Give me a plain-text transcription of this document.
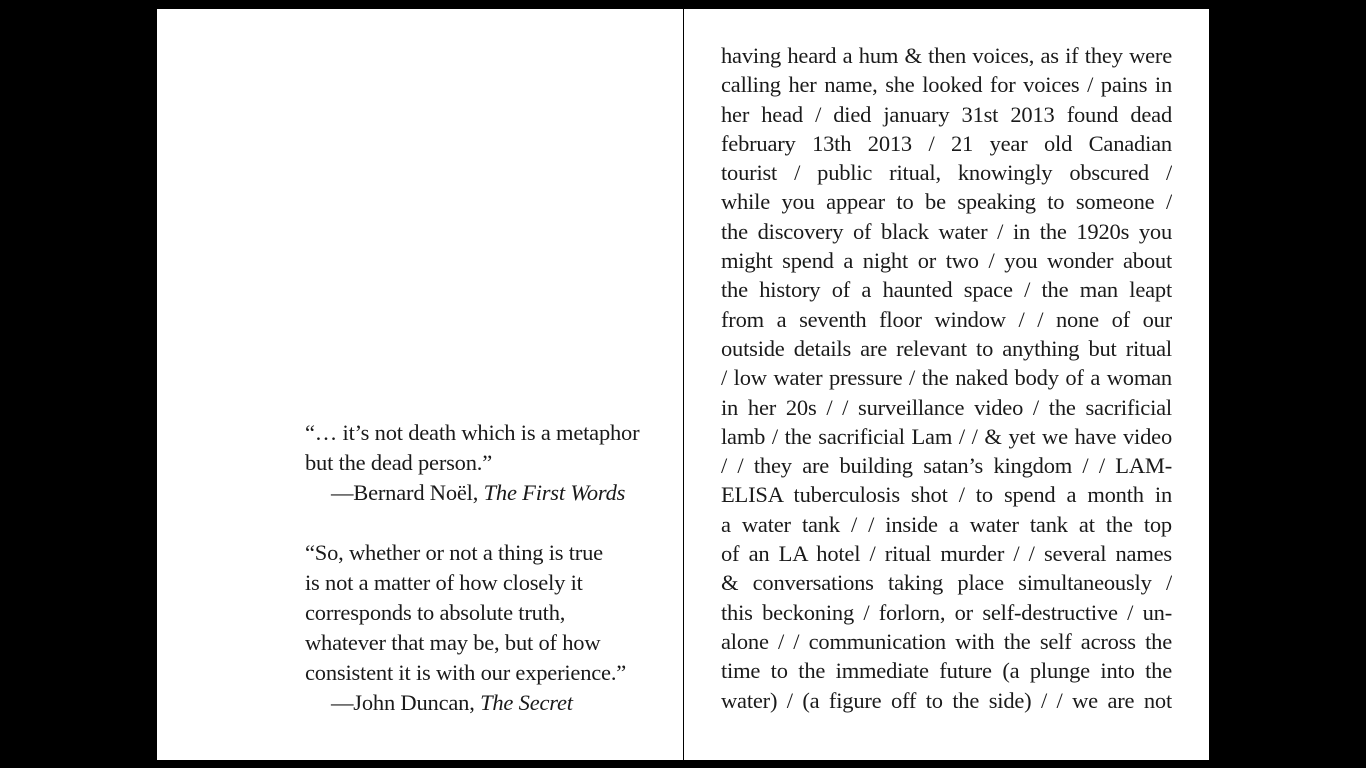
“… it’s not death which is a metaphor

but the dead person.”

—Bernard Noël, The First Words

“So, whether or not a thing is true

is not a matter of how closely it

corresponds to absolute truth,

whatever that may be, but of how

consistent it is with our experience.”

—John Duncan, The Secret

having heard a hum & then voices, as if they were
calling her name, she looked for voices / pains in
her head / died january 31st 2013 found dead
february 13th 2013 / 21 year old Canadian
tourist / public ritual, knowingly obscured /
while you appear to be speaking to someone /
the discovery of black water / in the 1920s you
might spend a night or two / you wonder about
the history of a haunted space / the man leapt
from a seventh floor window / / none of our
outside details are relevant to anything but ritual
/ low water pressure / the naked body of a woman
in her 20s / / surveillance video / the sacrificial
lamb / the sacrificial Lam / / & yet we have video
/ / they are building satan’s kingdom / / LAM-
ELISA tuberculosis shot / to spend a month in
a water tank / / inside a water tank at the top
of an LA hotel / ritual murder / / several names
& conversations taking place simultaneously /
this beckoning / forlorn, or self-destructive / un-
alone / / communication with the self across the
time to the immediate future (a plunge into the
water) / (a figure off to the side) / / we are not
